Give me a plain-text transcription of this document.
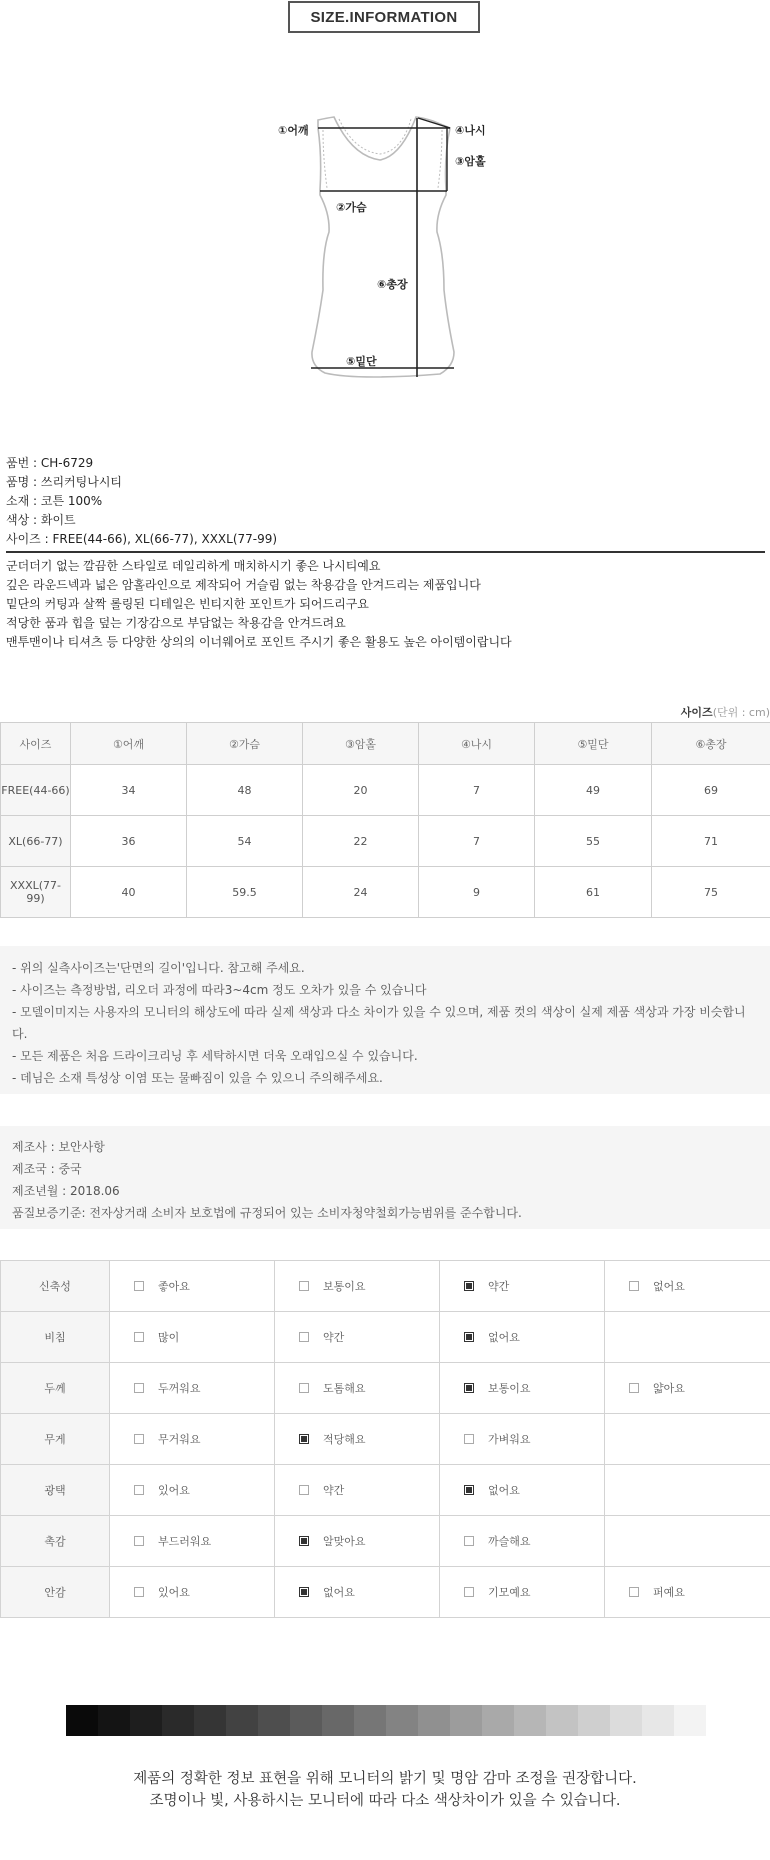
SIZE.INFORMATION
①어깨	④나시
③암홀
②가슴
⑥총장
⑤밑단
품번 : CH-6729
품명 : 쓰리커팅나시티
소재 : 코튼 100%
색상 : 화이트
사이즈 : FREE(44-66), XL(66-77), XXXL(77-99)
군더더기 없는 깔끔한 스타일로 데일리하게 매치하시기 좋은 나시티예요
깊은 라운드넥과 넓은 암홀라인으로 제작되어 거슬림 없는 착용감을 안겨드리는 제품입니다
밑단의 커팅과 살짝 롤링된 디테일은 빈티지한 포인트가 되어드리구요
적당한 품과 힙을 덮는 기장감으로 부담없는 착용감을 안겨드려요
맨투맨이나 티셔츠 등 다양한 상의의 이너웨어로 포인트 주시기 좋은 활용도 높은 아이템이랍니다
사이즈(단위 : cm)
사이즈	①어깨	②가슴	③암홀	④나시	⑤밑단	⑥총장
FREE(44-66)	34	48	20	7	49	69
XL(66-77)	36	54	22	7	55	71
XXXL(77-99)	40	59.5	24	9	61	75
- 위의 실측사이즈는'단면의 길이'입니다. 참고해 주세요.
- 사이즈는 측정방법, 리오더 과정에 따라3~4cm 정도 오차가 있을 수 있습니다
- 모델이미지는 사용자의 모니터의 해상도에 따라 실제 색상과 다소 차이가 있을 수 있으며, 제품 컷의 색상이 실제 제품 색상과 가장 비슷합니다.
- 모든 제품은 처음 드라이크리닝 후 세탁하시면 더욱 오래입으실 수 있습니다.
- 데님은 소재 특성상 이염 또는 물빠짐이 있을 수 있으니 주의해주세요.
제조사 : 보안사항
제조국 : 중국
제조년월 : 2018.06
품질보증기준: 전자상거래 소비자 보호법에 규정되어 있는 소비자청약철회가능범위를 준수합니다.
신축성	좋아요	보통이요	약간	없어요
비침	많이	약간	없어요	
두께	두꺼워요	도톰해요	보통이요	얇아요
무게	무거워요	적당해요	가벼워요	
광택	있어요	약간	없어요	
촉감	부드러워요	알맞아요	까슬해요	
안감	있어요	없어요	기모예요	퍼예요
제품의 정확한 정보 표현을 위해 모니터의 밝기 및 명암 감마 조정을 권장합니다.
조명이나 빛, 사용하시는 모니터에 따라 다소 색상차이가 있을 수 있습니다.
